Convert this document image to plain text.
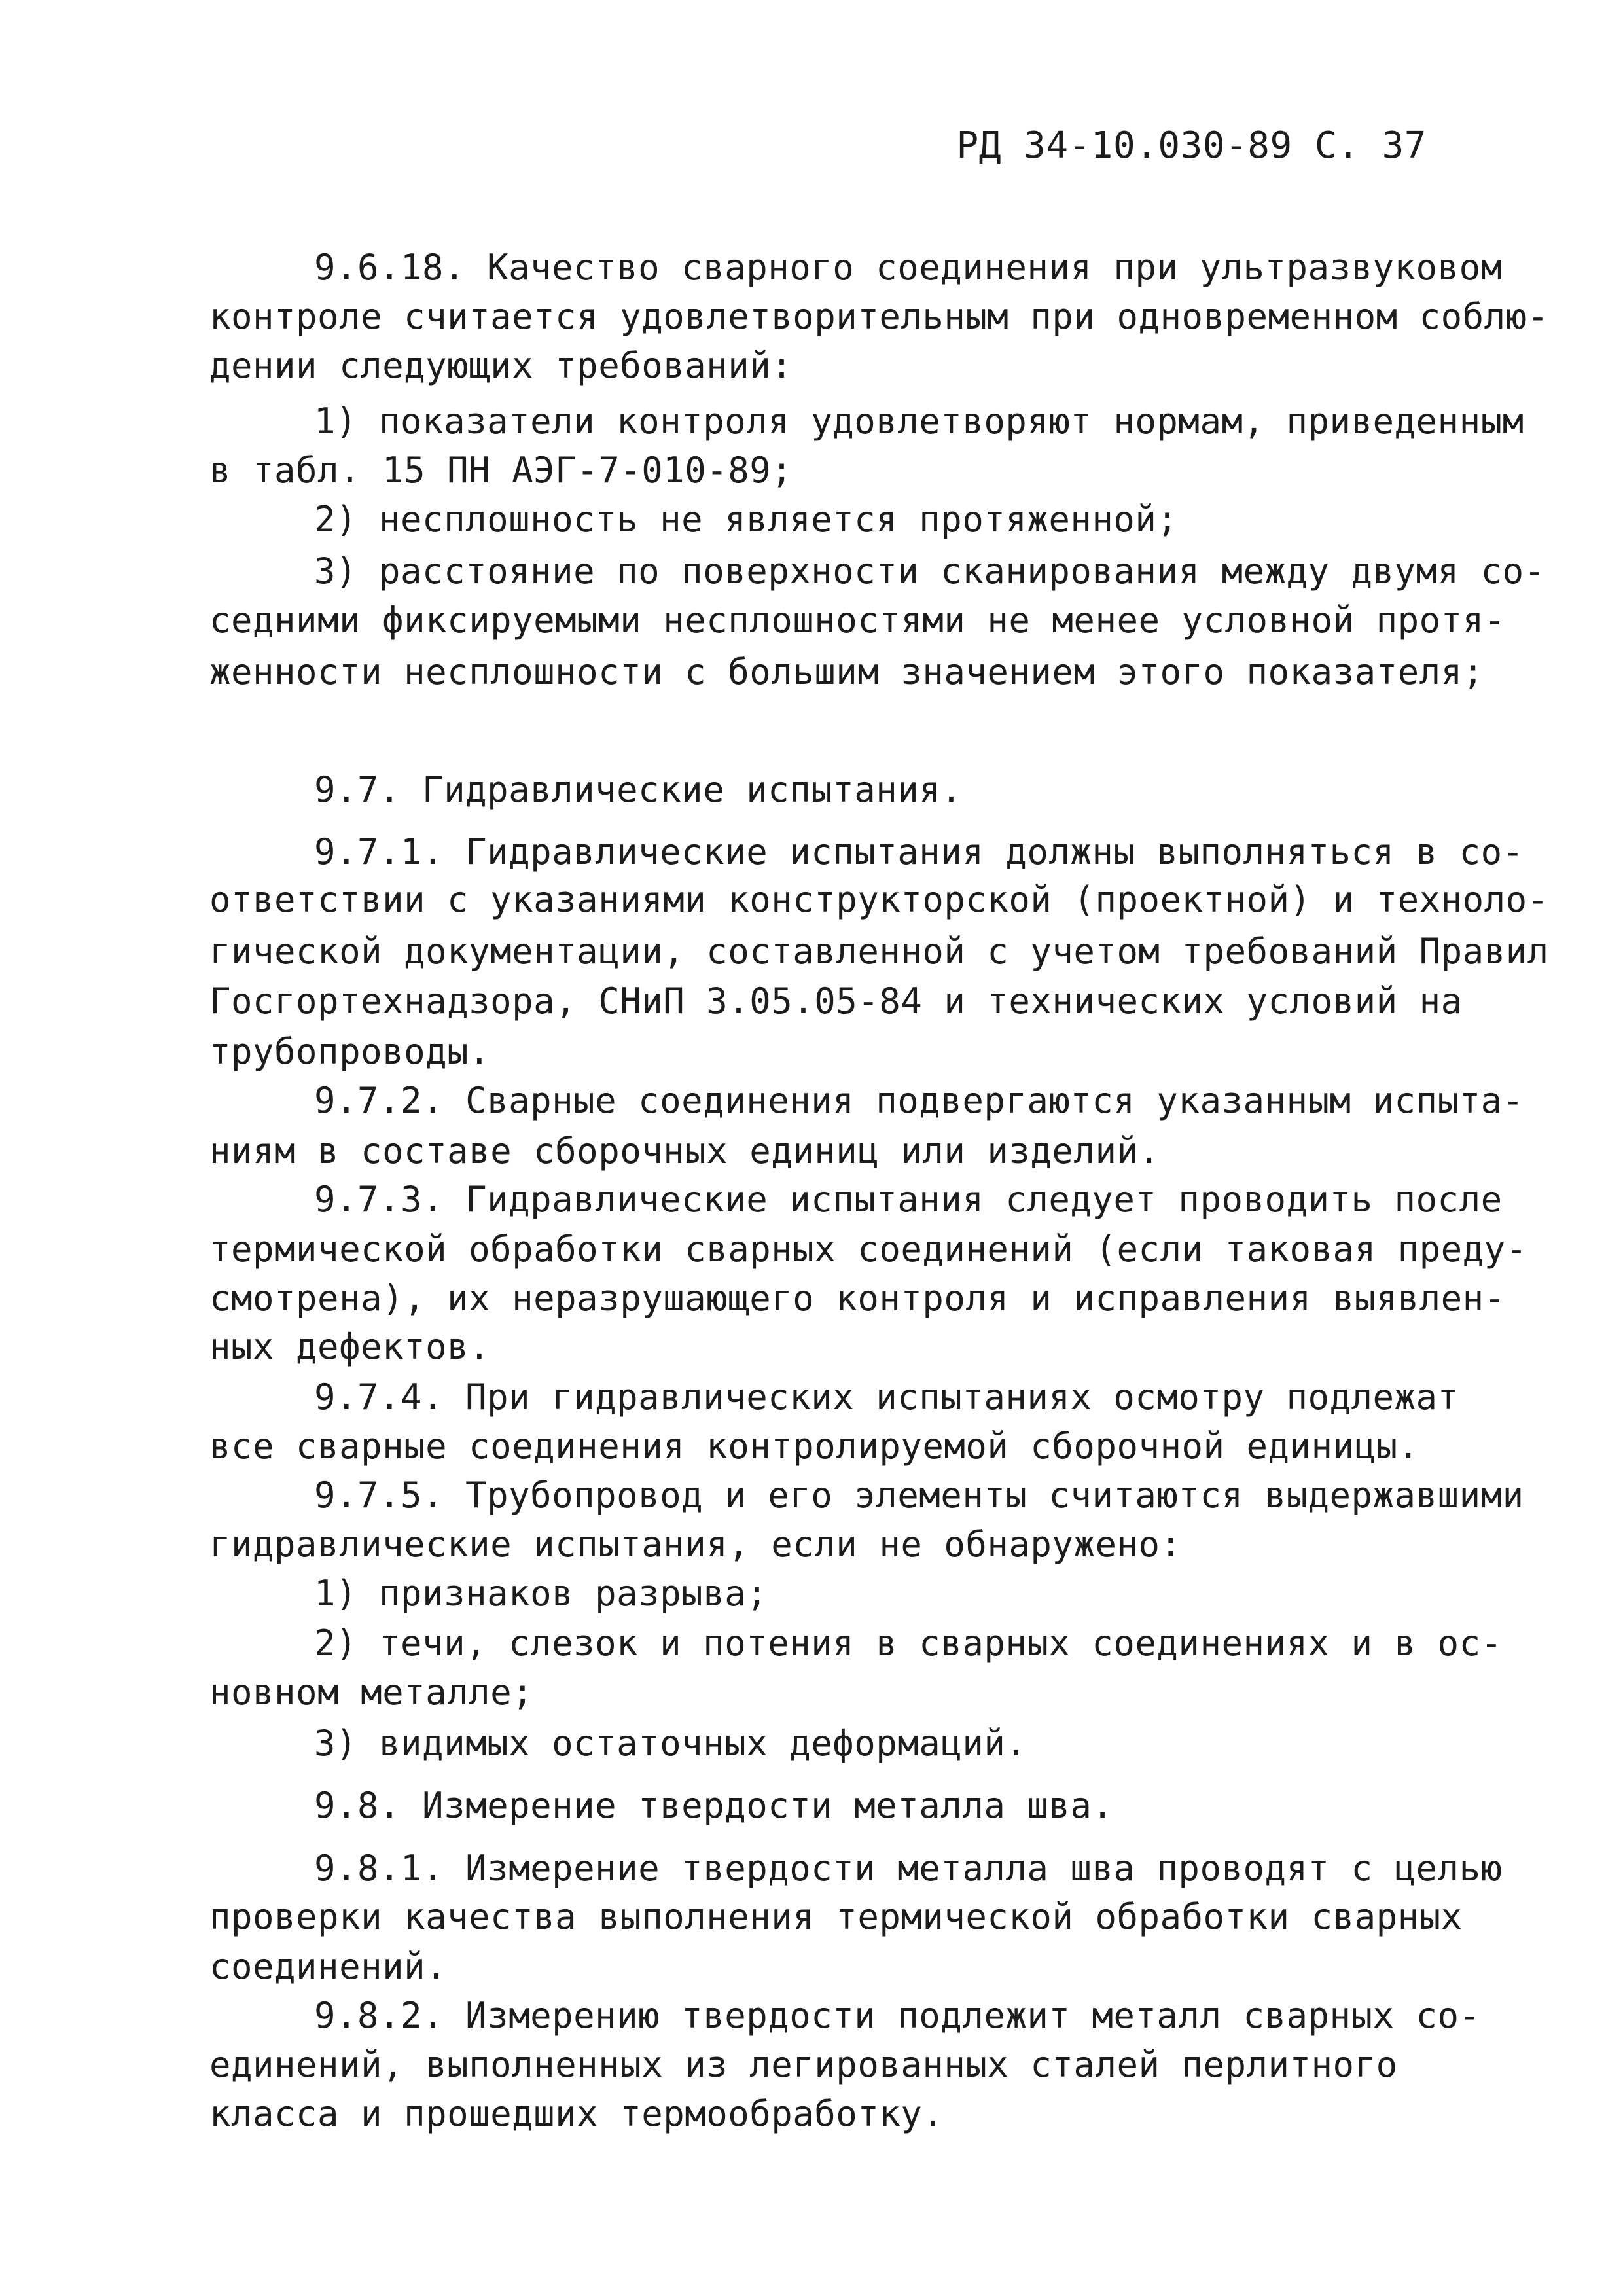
РД 34-10.030-89 С. 37
9.6.18. Качество сварного соединения при ультразвуковом
контроле считается удовлетворительным при одновременном соблю-
дении следующих требований:
1) показатели контроля удовлетворяют нормам, приведенным
в табл. 15 ПН АЭГ-7-010-89;
2) несплошность не является протяженной;
3) расстояние по поверхности сканирования между двумя со-
седними фиксируемыми несплошностями не менее условной протя-
женности несплошности с большим значением этого показателя;
9.7. Гидравлические испытания.
9.7.1. Гидравлические испытания должны выполняться в со-
ответствии с указаниями конструкторской (проектной) и техноло-
гической документации, составленной с учетом требований Правил
Госгортехнадзора, СНиП 3.05.05-84 и технических условий на
трубопроводы.
9.7.2. Сварные соединения подвергаются указанным испыта-
ниям в составе сборочных единиц или изделий.
9.7.3. Гидравлические испытания следует проводить после
термической обработки сварных соединений (если таковая преду-
смотрена), их неразрушающего контроля и исправления выявлен-
ных дефектов.
9.7.4. При гидравлических испытаниях осмотру подлежат
все сварные соединения контролируемой сборочной единицы.
9.7.5. Трубопровод и его элементы считаются выдержавшими
гидравлические испытания, если не обнаружено:
1) признаков разрыва;
2) течи, слезок и потения в сварных соединениях и в ос-
новном металле;
3) видимых остаточных деформаций.
9.8. Измерение твердости металла шва.
9.8.1. Измерение твердости металла шва проводят с целью
проверки качества выполнения термической обработки сварных
соединений.
9.8.2. Измерению твердости подлежит металл сварных со-
единений, выполненных из легированных сталей перлитного
класса и прошедших термообработку.
